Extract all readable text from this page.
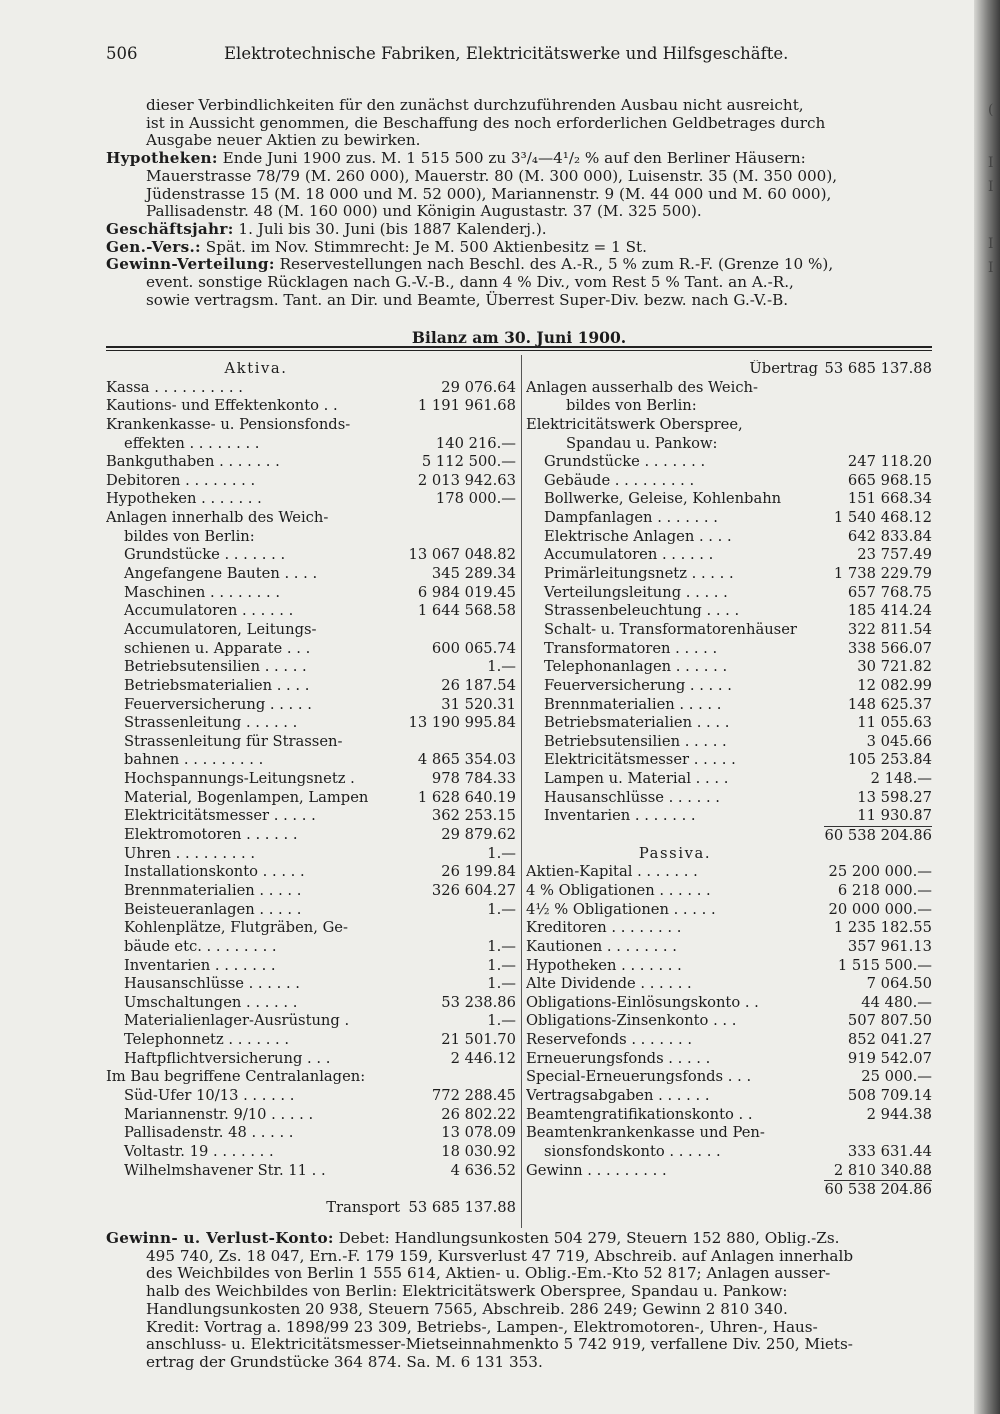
506	Elektrotechnische Fabriken, Elektricitätswerke und Hilfsgeschäfte.
dieser Verbindlichkeiten für den zunächst durchzuführenden Ausbau nicht ausreicht,
ist in Aussicht genommen, die Beschaffung des noch erforderlichen Geldbetrages durch
Ausgabe neuer Aktien zu bewirken.
Hypotheken: Ende Juni 1900 zus. M. 1 515 500 zu 3³/₄—4¹/₂ % auf den Berliner Häusern:
Mauerstrasse 78/79 (M. 260 000), Mauerstr. 80 (M. 300 000), Luisenstr. 35 (M. 350 000),
Jüdenstrasse 15 (M. 18 000 und M. 52 000), Mariannenstr. 9 (M. 44 000 und M. 60 000),
Pallisadenstr. 48 (M. 160 000) und Königin Augustastr. 37 (M. 325 500).
Geschäftsjahr: 1. Juli bis 30. Juni (bis 1887 Kalenderj.).
Gen.-Vers.: Spät. im Nov. Stimmrecht: Je M. 500 Aktienbesitz = 1 St.
Gewinn-Verteilung: Reservestellungen nach Beschl. des A.-R., 5 % zum R.-F. (Grenze 10 %),
event. sonstige Rücklagen nach G.-V.-B., dann 4 % Div., vom Rest 5 % Tant. an A.-R.,
sowie vertragsm. Tant. an Dir. und Beamte, Überrest Super-Div. bezw. nach G.-V.-B.
Bilanz am 30. Juni 1900.
Aktiva.
Kassa . . . . . . . . . .	29 076.64
Kautions- und Effektenkonto . .	1 191 961.68
Krankenkasse- u. Pensionsfonds-
effekten . . . . . . . .	140 216.—
Bankguthaben . . . . . . .	5 112 500.—
Debitoren . . . . . . . .	2 013 942.63
Hypotheken . . . . . . .	178 000.—
Anlagen innerhalb des Weich-
bildes von Berlin:
Grundstücke . . . . . . .	13 067 048.82
Angefangene Bauten . . . .	345 289.34
Maschinen . . . . . . . .	6 984 019.45
Accumulatoren . . . . . .	1 644 568.58
Accumulatoren, Leitungs-
schienen u. Apparate . . .	600 065.74
Betriebsutensilien . . . . .	1.—
Betriebsmaterialien . . . .	26 187.54
Feuerversicherung . . . . .	31 520.31
Strassenleitung . . . . . .	13 190 995.84
Strassenleitung für Strassen-
bahnen . . . . . . . . .	4 865 354.03
Hochspannungs-Leitungsnetz .	978 784.33
Material, Bogenlampen, Lampen	1 628 640.19
Elektricitätsmesser . . . . .	362 253.15
Elektromotoren . . . . . .	29 879.62
Uhren . . . . . . . . .	1.—
Installationskonto . . . . .	26 199.84
Brennmaterialien . . . . .	326 604.27
Beisteueranlagen . . . . .	1.—
Kohlenplätze, Flutgräben, Ge-
bäude etc. . . . . . . . .	1.—
Inventarien . . . . . . .	1.—
Hausanschlüsse . . . . . .	1.—
Umschaltungen . . . . . .	53 238.86
Materialienlager-Ausrüstung .	1.—
Telephonnetz . . . . . . .	21 501.70
Haftpflichtversicherung . . .	2 446.12
Im Bau begriffene Centralanlagen:
Süd-Ufer 10/13 . . . . . .	772 288.45
Mariannenstr. 9/10 . . . . .	26 802.22
Pallisadenstr. 48 . . . . .	13 078.09
Voltastr. 19 . . . . . . .	18 030.92
Wilhelmshavener Str. 11 . .	4 636.52
Transport 53 685 137.88
Übertrag 53 685 137.88
Anlagen ausserhalb des Weich-
bildes von Berlin:
Elektricitätswerk Oberspree,
Spandau u. Pankow:
Grundstücke . . . . . . .	247 118.20
Gebäude . . . . . . . . .	665 968.15
Bollwerke, Geleise, Kohlenbahn	151 668.34
Dampfanlagen . . . . . . .	1 540 468.12
Elektrische Anlagen . . . .	642 833.84
Accumulatoren . . . . . .	23 757.49
Primärleitungsnetz . . . . .	1 738 229.79
Verteilungsleitung . . . . .	657 768.75
Strassenbeleuchtung . . . .	185 414.24
Schalt- u. Transformatorenhäuser	322 811.54
Transformatoren . . . . .	338 566.07
Telephonanlagen . . . . . .	30 721.82
Feuerversicherung . . . . .	12 082.99
Brennmaterialien . . . . .	148 625.37
Betriebsmaterialien . . . .	11 055.63
Betriebsutensilien . . . . .	3 045.66
Elektricitätsmesser . . . . .	105 253.84
Lampen u. Material . . . .	2 148.—
Hausanschlüsse . . . . . .	13 598.27
Inventarien . . . . . . .	11 930.87
60 538 204.86
Passiva.
Aktien-Kapital . . . . . . .	25 200 000.—
4 % Obligationen . . . . . .	6 218 000.—
4½ % Obligationen . . . . .	20 000 000.—
Kreditoren . . . . . . . .	1 235 182.55
Kautionen . . . . . . . .	357 961.13
Hypotheken . . . . . . .	1 515 500.—
Alte Dividende . . . . . .	7 064.50
Obligations-Einlösungskonto . .	44 480.—
Obligations-Zinsenkonto . . .	507 807.50
Reservefonds . . . . . . .	852 041.27
Erneuerungsfonds . . . . .	919 542.07
Special-Erneuerungsfonds . . .	25 000.—
Vertragsabgaben . . . . . .	508 709.14
Beamtengratifikationskonto . .	2 944.38
Beamtenkrankenkasse und Pen-
sionsfondskonto . . . . . .	333 631.44
Gewinn . . . . . . . . .	2 810 340.88
60 538 204.86
Gewinn- u. Verlust-Konto: Debet: Handlungsunkosten 504 279, Steuern 152 880, Oblig.-Zs.
495 740, Zs. 18 047, Ern.-F. 179 159, Kursverlust 47 719, Abschreib. auf Anlagen innerhalb
des Weichbildes von Berlin 1 555 614, Aktien- u. Oblig.-Em.-Kto 52 817; Anlagen ausser-
halb des Weichbildes von Berlin: Elektricitätswerk Oberspree, Spandau u. Pankow:
Handlungsunkosten 20 938, Steuern 7565, Abschreib. 286 249; Gewinn 2 810 340.
Kredit: Vortrag a. 1898/99 23 309, Betriebs-, Lampen-, Elektromotoren-, Uhren-, Haus-
anschluss- u. Elektricitätsmesser-Mietseinnahmenkto 5 742 919, verfallene Div. 250, Miets-
ertrag der Grundstücke 364 874. Sa. M. 6 131 353.
(
I
I
I
I
